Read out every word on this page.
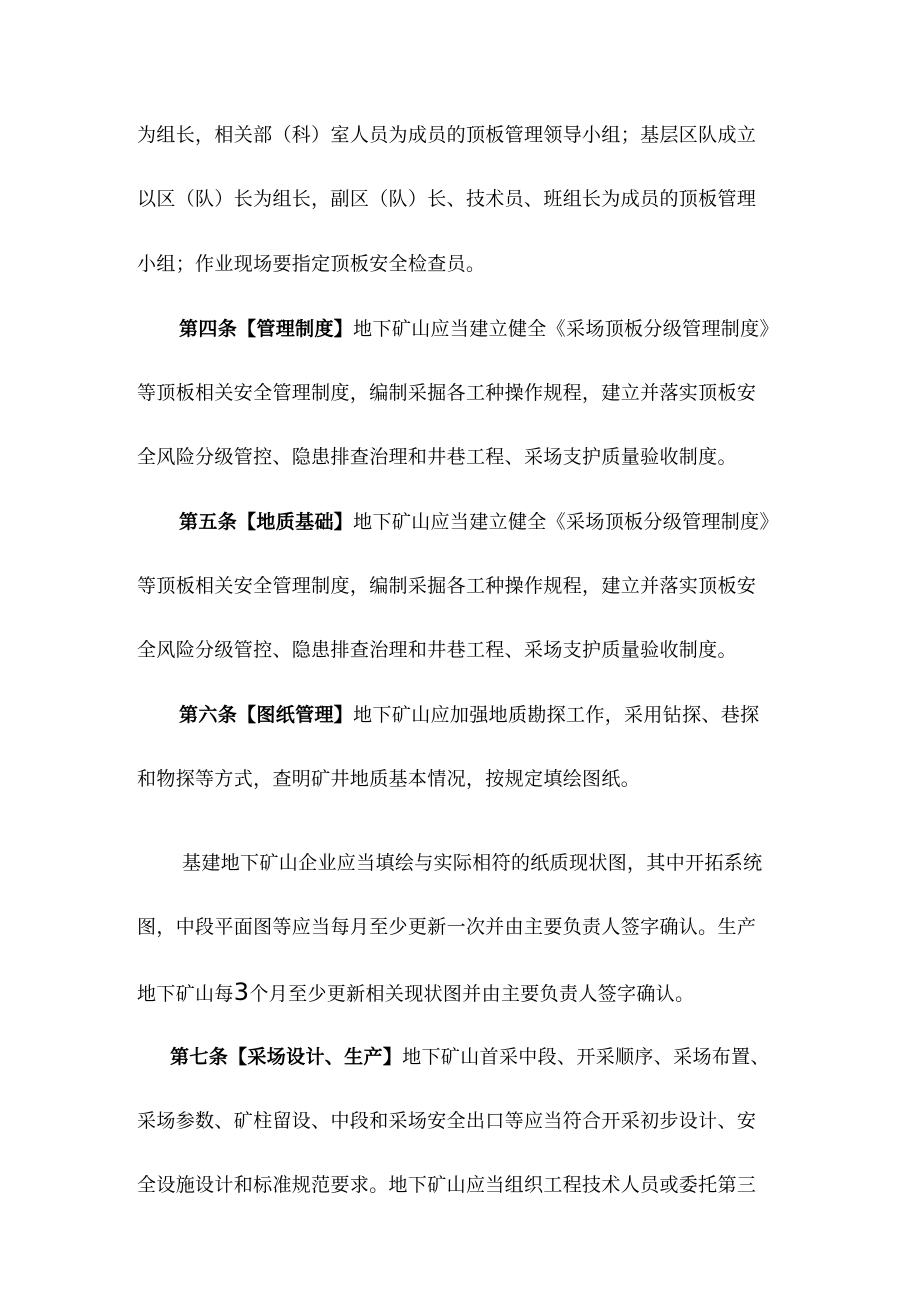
为组长，相关部（科）室人员为成员的顶板管理领导小组；基层区队成立
以区（队）长为组长，副区（队）长、技术员、班组长为成员的顶板管理
小组；作业现场要指定顶板安全检查员。
第四条【管理制度】地下矿山应当建立健全《采场顶板分级管理制度》
等顶板相关安全管理制度，编制采掘各工种操作规程，建立并落实顶板安
全风险分级管控、隐患排查治理和井巷工程、采场支护质量验收制度。
第五条【地质基础】地下矿山应当建立健全《采场顶板分级管理制度》
等顶板相关安全管理制度，编制采掘各工种操作规程，建立并落实顶板安
全风险分级管控、隐患排查治理和井巷工程、采场支护质量验收制度。
第六条【图纸管理】地下矿山应加强地质勘探工作，采用钻探、巷探
和物探等方式，查明矿井地质基本情况，按规定填绘图纸。
基建地下矿山企业应当填绘与实际相符的纸质现状图，其中开拓系统
图，中段平面图等应当每月至少更新一次并由主要负责人签字确认。生产
地下矿山每3个月至少更新相关现状图并由主要负责人签字确认。
第七条【采场设计、生产】地下矿山首采中段、开采顺序、采场布置、
采场参数、矿柱留设、中段和采场安全出口等应当符合开采初步设计、安
全设施设计和标准规范要求。地下矿山应当组织工程技术人员或委托第三
